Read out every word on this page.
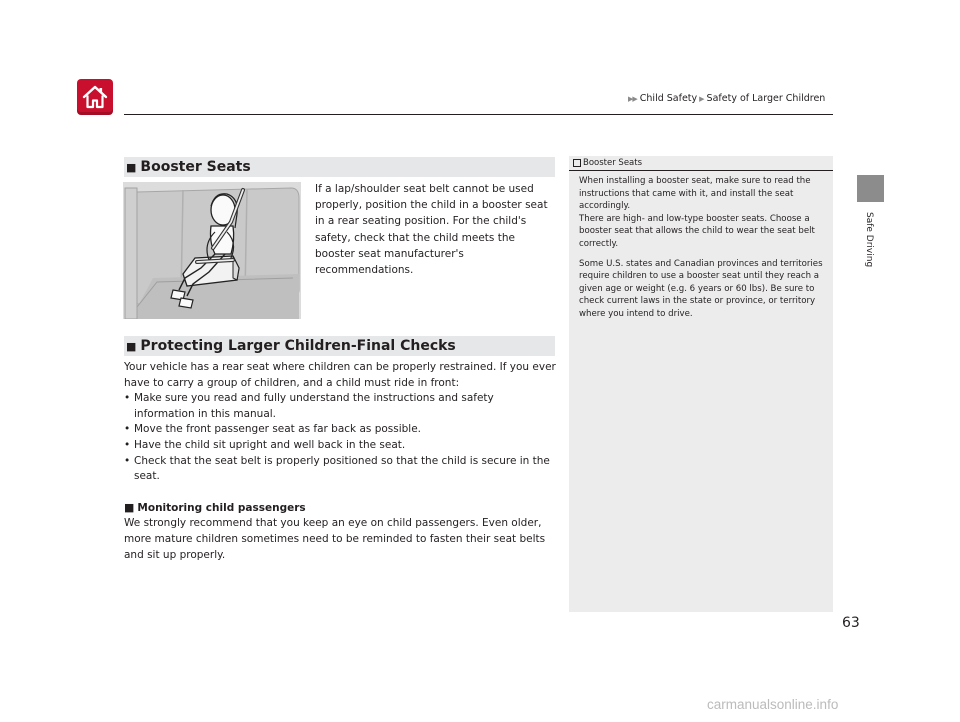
▶▶ Child Safety ▶ Safety of Larger Children
Safe Driving
■ Booster Seats
If a lap/shoulder seat belt cannot be used properly, position the child in a booster seat in a rear seating position. For the child's safety, check that the child meets the booster seat manufacturer's recommendations.
■ Protecting Larger Children-Final Checks

Your vehicle has a rear seat where children can be properly restrained. If you ever have to carry a group of children, and a child must ride in front:

• Make sure you read and fully understand the instructions and safety information in this manual.
• Move the front passenger seat as far back as possible.
• Have the child sit upright and well back in the seat.
• Check that the seat belt is properly positioned so that the child is secure in the seat.

■ Monitoring child passengers

We strongly recommend that you keep an eye on child passengers. Even older, more mature children sometimes need to be reminded to fasten their seat belts and sit up properly.

Booster Seats

When installing a booster seat, make sure to read the instructions that came with it, and install the seat accordingly.
There are high- and low-type booster seats. Choose a booster seat that allows the child to wear the seat belt correctly.

Some U.S. states and Canadian provinces and territories require children to use a booster seat until they reach a given age or weight (e.g. 6 years or 60 lbs). Be sure to check current laws in the state or province, or territory where you intend to drive.

63
carmanualsonline.info
